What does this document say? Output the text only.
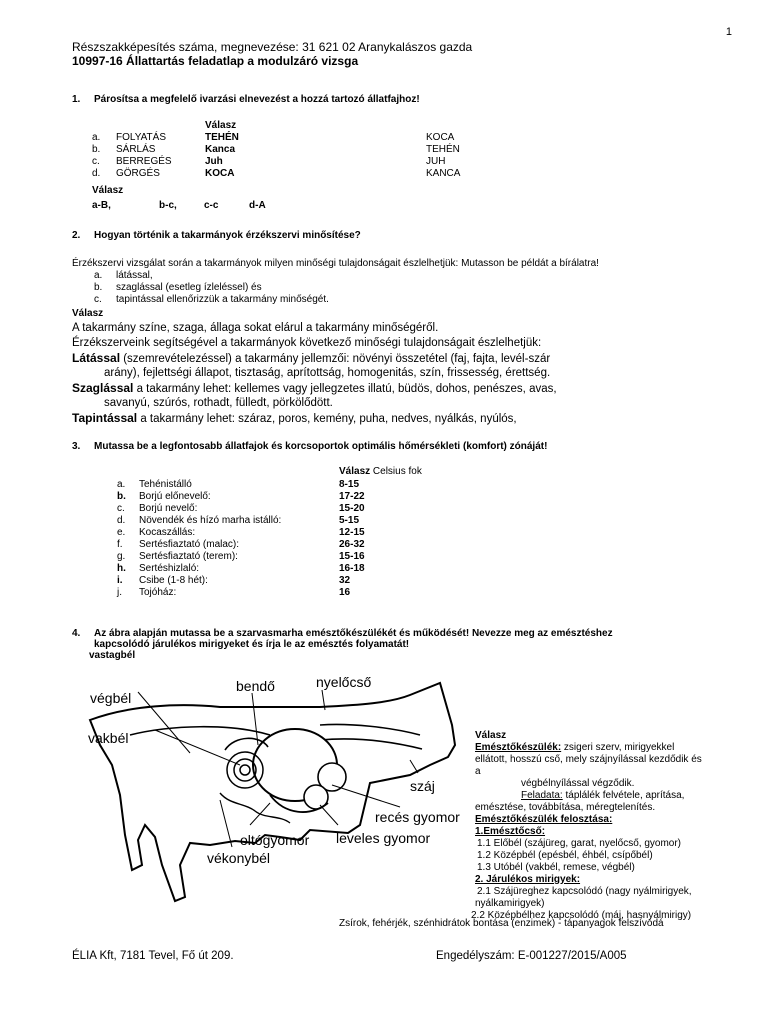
1
Részszakképesítés száma, megnevezése: 31 621 02 Aranykalászos gazda
10997-16 Állattartás feladatlap a modulzáró vizsga
1. Párosítsa a megfelelő ivarzási elnevezést a hozzá tartozó állatfajhoz!
Válasz
a. FOLYATÁS	TEHÉN	KOCA
b. SÁRLÁS	Kanca	TEHÉN
c. BERREGÉS	Juh	JUH
d. GÖRGÉS	KOCA	KANCA
Válasz
a-B,	b-c,	c-c	d-A
2. Hogyan történik a takarmányok érzékszervi minősítése?
Érzékszervi vizsgálat során a takarmányok milyen minőségi tulajdonságait észlelhetjük: Mutasson be példát a bírálatra!
a. látással,
b. szaglással (esetleg ízleléssel) és
c. tapintással ellenőrizzük a takarmány minőségét.
Válasz
A takarmány színe, szaga, állaga sokat elárul a takarmány minőségéről.
Érzékszerveink segítségével a takarmányok következő minőségi tulajdonságait észlelhetjük:
Látással (szemrevételezéssel) a takarmány jellemzői: növényi összetétel (faj, fajta, levél-szár
arány), fejlettségi állapot, tisztaság, aprítottság, homogenitás, szín, frissesség, érettség.
Szaglással a takarmány lehet: kellemes vagy jellegzetes illatú, büdös, dohos, penészes, avas,
savanyú, szúrós, rothadt, fülledt, pörkölődött.
Tapintással a takarmány lehet: száraz, poros, kemény, puha, nedves, nyálkás, nyúlós,
3. Mutassa be a legfontosabb állatfajok és korcsoportok optimális hőmérsékleti (komfort) zónáját!
Válasz Celsius fok
a. Tehénistálló	8-15
b. Borjú előnevelő:	17-22
c. Borjú nevelő:	15-20
d. Növendék és hízó marha istálló:	5-15
e. Kocaszállás:	12-15
f. Sertésfiaztató (malac):	26-32
g. Sertésfiaztató (terem):	15-16
h. Sertéshizlaló:	16-18
i. Csibe (1-8 hét):	32
j. Tojóház:	16
4. Az ábra alapján mutassa be a szarvasmarha emésztőkészülékét és működését! Nevezze meg az emésztéshez
kapcsolódó járulékos mirigyeket és írja le az emésztés folyamatát!
vastagbél
végbél
bendő	nyelőcső
vakbél
száj
recés gyomor
oltógyomor leveles gyomor
vékonybél
Válasz
Emésztőkészülék: zsigeri szerv, mirigyekkel
ellátott, hosszú cső, mely szájnyílással kezdődik és
a
végbélnyílással végződik.
Feladata: táplálék felvétele, aprítása,
emésztése, továbbítása, méregtelenítés.
Emésztőkészülék felosztása:
1.Emésztőcső:
1.1 Előbél (szájüreg, garat, nyelőcső, gyomor)
1.2 Középbél (epésbél, éhbél, csípőbél)
1.3 Utóbél (vakbél, remese, végbél)
2. Járulékos mirigyek:
2.1 Szájüreghez kapcsolódó (nagy nyálmirigyek,
nyálkamirigyek)
2.2 Középbélhez kapcsolódó (máj, hasnyálmirigy)
Zsírok, fehérjék, szénhidrátok bontása (enzimek) - tápanyagok felszívódá
ÉLIA Kft, 7181 Tevel, Fő út 209.	Engedélyszám: E-001227/2015/A005
